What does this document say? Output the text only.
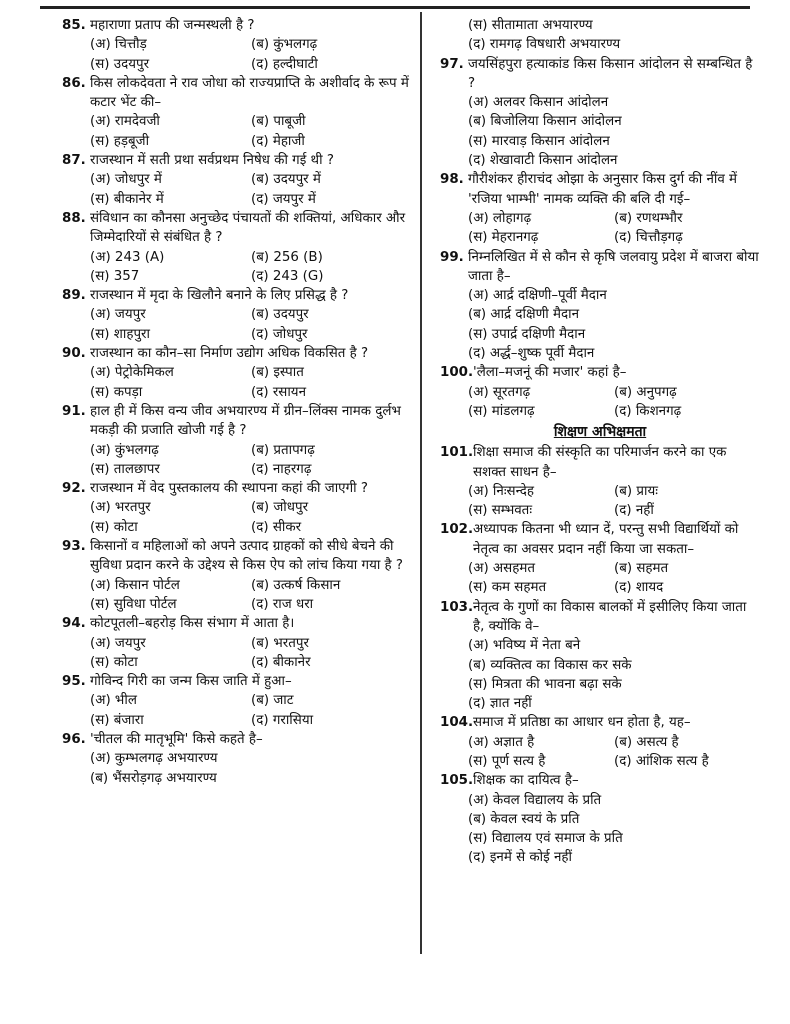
85. महाराणा प्रताप की जन्मस्थली है ?
(अ) चित्तौड़	(ब) कुंभलगढ़
(स) उदयपुर	(द) हल्दीघाटी
86. किस लोकदेवता ने राव जोधा को राज्यप्राप्ति के अशीर्वाद के रूप में कटार भेंट की–
(अ) रामदेवजी	(ब) पाबूजी
(स) हड़बूजी	(द) मेहाजी
87. राजस्थान में सती प्रथा सर्वप्रथम निषेध की गई थी ?
(अ) जोधपुर में	(ब) उदयपुर में
(स) बीकानेर में	(द) जयपुर में
88. संविधान का कौनसा अनुच्छेद पंचायतों की शक्तियां, अधिकार और जिम्मेदारियों से संबंधित है ?
(अ) 243 (A)	(ब) 256 (B)
(स) 357	(द) 243 (G)
89. राजस्थान में मृदा के खिलौने बनाने के लिए प्रसिद्ध है ?
(अ) जयपुर	(ब) उदयपुर
(स) शाहपुरा	(द) जोधपुर
90. राजस्थान का कौन–सा निर्माण उद्योग अधिक विकसित है ?
(अ) पेट्रोकेमिकल	(ब) इस्पात
(स) कपड़ा	(द) रसायन
91. हाल ही में किस वन्य जीव अभयारण्य में ग्रीन–लिंक्स नामक दुर्लभ मकड़ी की प्रजाति खोजी गई है ?
(अ) कुंभलगढ़	(ब) प्रतापगढ़
(स) तालछापर	(द) नाहरगढ़
92. राजस्थान में वेद पुस्तकालय की स्थापना कहां की जाएगी ?
(अ) भरतपुर	(ब) जोधपुर
(स) कोटा	(द) सीकर
93. किसानों व महिलाओं को अपने उत्पाद ग्राहकों को सीधे बेचने की सुविधा प्रदान करने के उद्देश्य से किस ऐप को लांच किया गया है ?
(अ) किसान पोर्टल	(ब) उत्कर्ष किसान
(स) सुविधा पोर्टल	(द) राज धरा
94. कोटपूतली–बहरोड़ किस संभाग में आता है।
(अ) जयपुर	(ब) भरतपुर
(स) कोटा	(द) बीकानेर
95. गोविन्द गिरी का जन्म किस जाति में हुआ–
(अ) भील	(ब) जाट
(स) बंजारा	(द) गरासिया
96. 'चीतल की मातृभूमि' किसे कहते है–
(अ) कुम्भलगढ़ अभयारण्य
(ब) भैंसरोड़गढ़ अभयारण्य
(स) सीतामाता अभयारण्य
(द) रामगढ़ विषधारी अभयारण्य
97. जयसिंहपुरा हत्याकांड किस किसान आंदोलन से सम्बन्धित है ?
(अ) अलवर किसान आंदोलन
(ब) बिजोलिया किसान आंदोलन
(स) मारवाड़ किसान आंदोलन
(द) शेखावाटी किसान आंदोलन
98. गौरीशंकर हीराचंद ओझा के अनुसार किस दुर्ग की नींव में 'रजिया भाम्भी' नामक व्यक्ति की बलि दी गई–
(अ) लोहागढ़	(ब) रणथम्भौर
(स) मेहरानगढ़	(द) चित्तौड़गढ़
99. निम्नलिखित में से कौन से कृषि जलवायु प्रदेश में बाजरा बोया जाता है–
(अ) आर्द्र दक्षिणी–पूर्वी मैदान
(ब) आर्द्र दक्षिणी मैदान
(स) उपार्द्र दक्षिणी मैदान
(द) अर्द्ध–शुष्क पूर्वी मैदान
100. 'लैला–मजनूं की मजार' कहां है–
(अ) सूरतगढ़	(ब) अनुपगढ़
(स) मांडलगढ़	(द) किशनगढ़
शिक्षण अभिक्षमता
101. शिक्षा समाज की संस्कृति का परिमार्जन करने का एक सशक्त साधन है–
(अ) निःसन्देह	(ब) प्रायः
(स) सम्भवतः	(द) नहीं
102. अध्यापक कितना भी ध्यान दें, परन्तु सभी विद्यार्थियों को नेतृत्व का अवसर प्रदान नहीं किया जा सकता–
(अ) असहमत	(ब) सहमत
(स) कम सहमत	(द) शायद
103. नेतृत्व के गुणों का विकास बालकों में इसीलिए किया जाता है, क्योंकि वे–
(अ) भविष्य में नेता बने
(ब) व्यक्तित्व का विकास कर सके
(स) मित्रता की भावना बढ़ा सके
(द) ज्ञात नहीं
104. समाज में प्रतिष्ठा का आधार धन होता है, यह–
(अ) अज्ञात है	(ब) असत्य है
(स) पूर्ण सत्य है	(द) आंशिक सत्य है
105. शिक्षक का दायित्व है–
(अ) केवल विद्यालय के प्रति
(ब) केवल स्वयं के प्रति
(स) विद्यालय एवं समाज के प्रति
(द) इनमें से कोई नहीं
